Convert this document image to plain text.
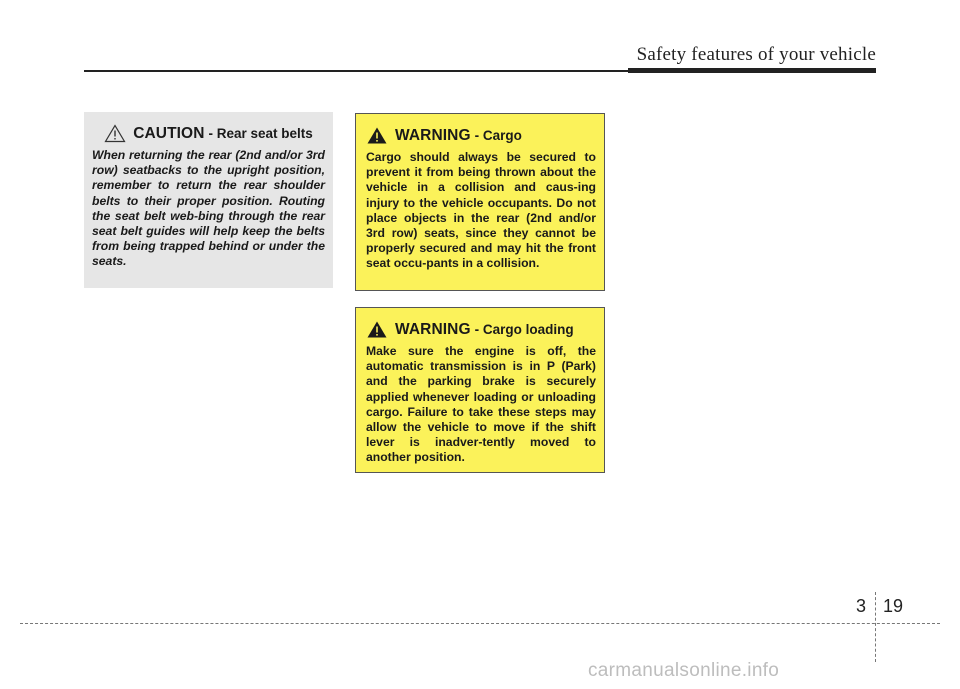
Safety features of your vehicle
CAUTION - Rear seat belts

When returning the rear (2nd and/or 3rd row) seatbacks to the upright position, remember to return the rear shoulder belts to their proper position. Routing the seat belt web-bing through the rear seat belt guides will help keep the belts from being trapped behind or under the seats.

WARNING - Cargo

Cargo should always be secured to prevent it from being thrown about the vehicle in a collision and caus-ing injury to the vehicle occupants. Do not place objects in the rear (2nd and/or 3rd row) seats, since they cannot be properly secured and may hit the front seat occu-pants in a collision.

WARNING - Cargo loading

Make sure the engine is off, the automatic transmission is in P (Park) and the parking brake is securely applied whenever loading or unloading cargo. Failure to take these steps may allow the vehicle to move if the shift lever is inadver-tently moved to another position.

3 19
carmanualsonline.info
